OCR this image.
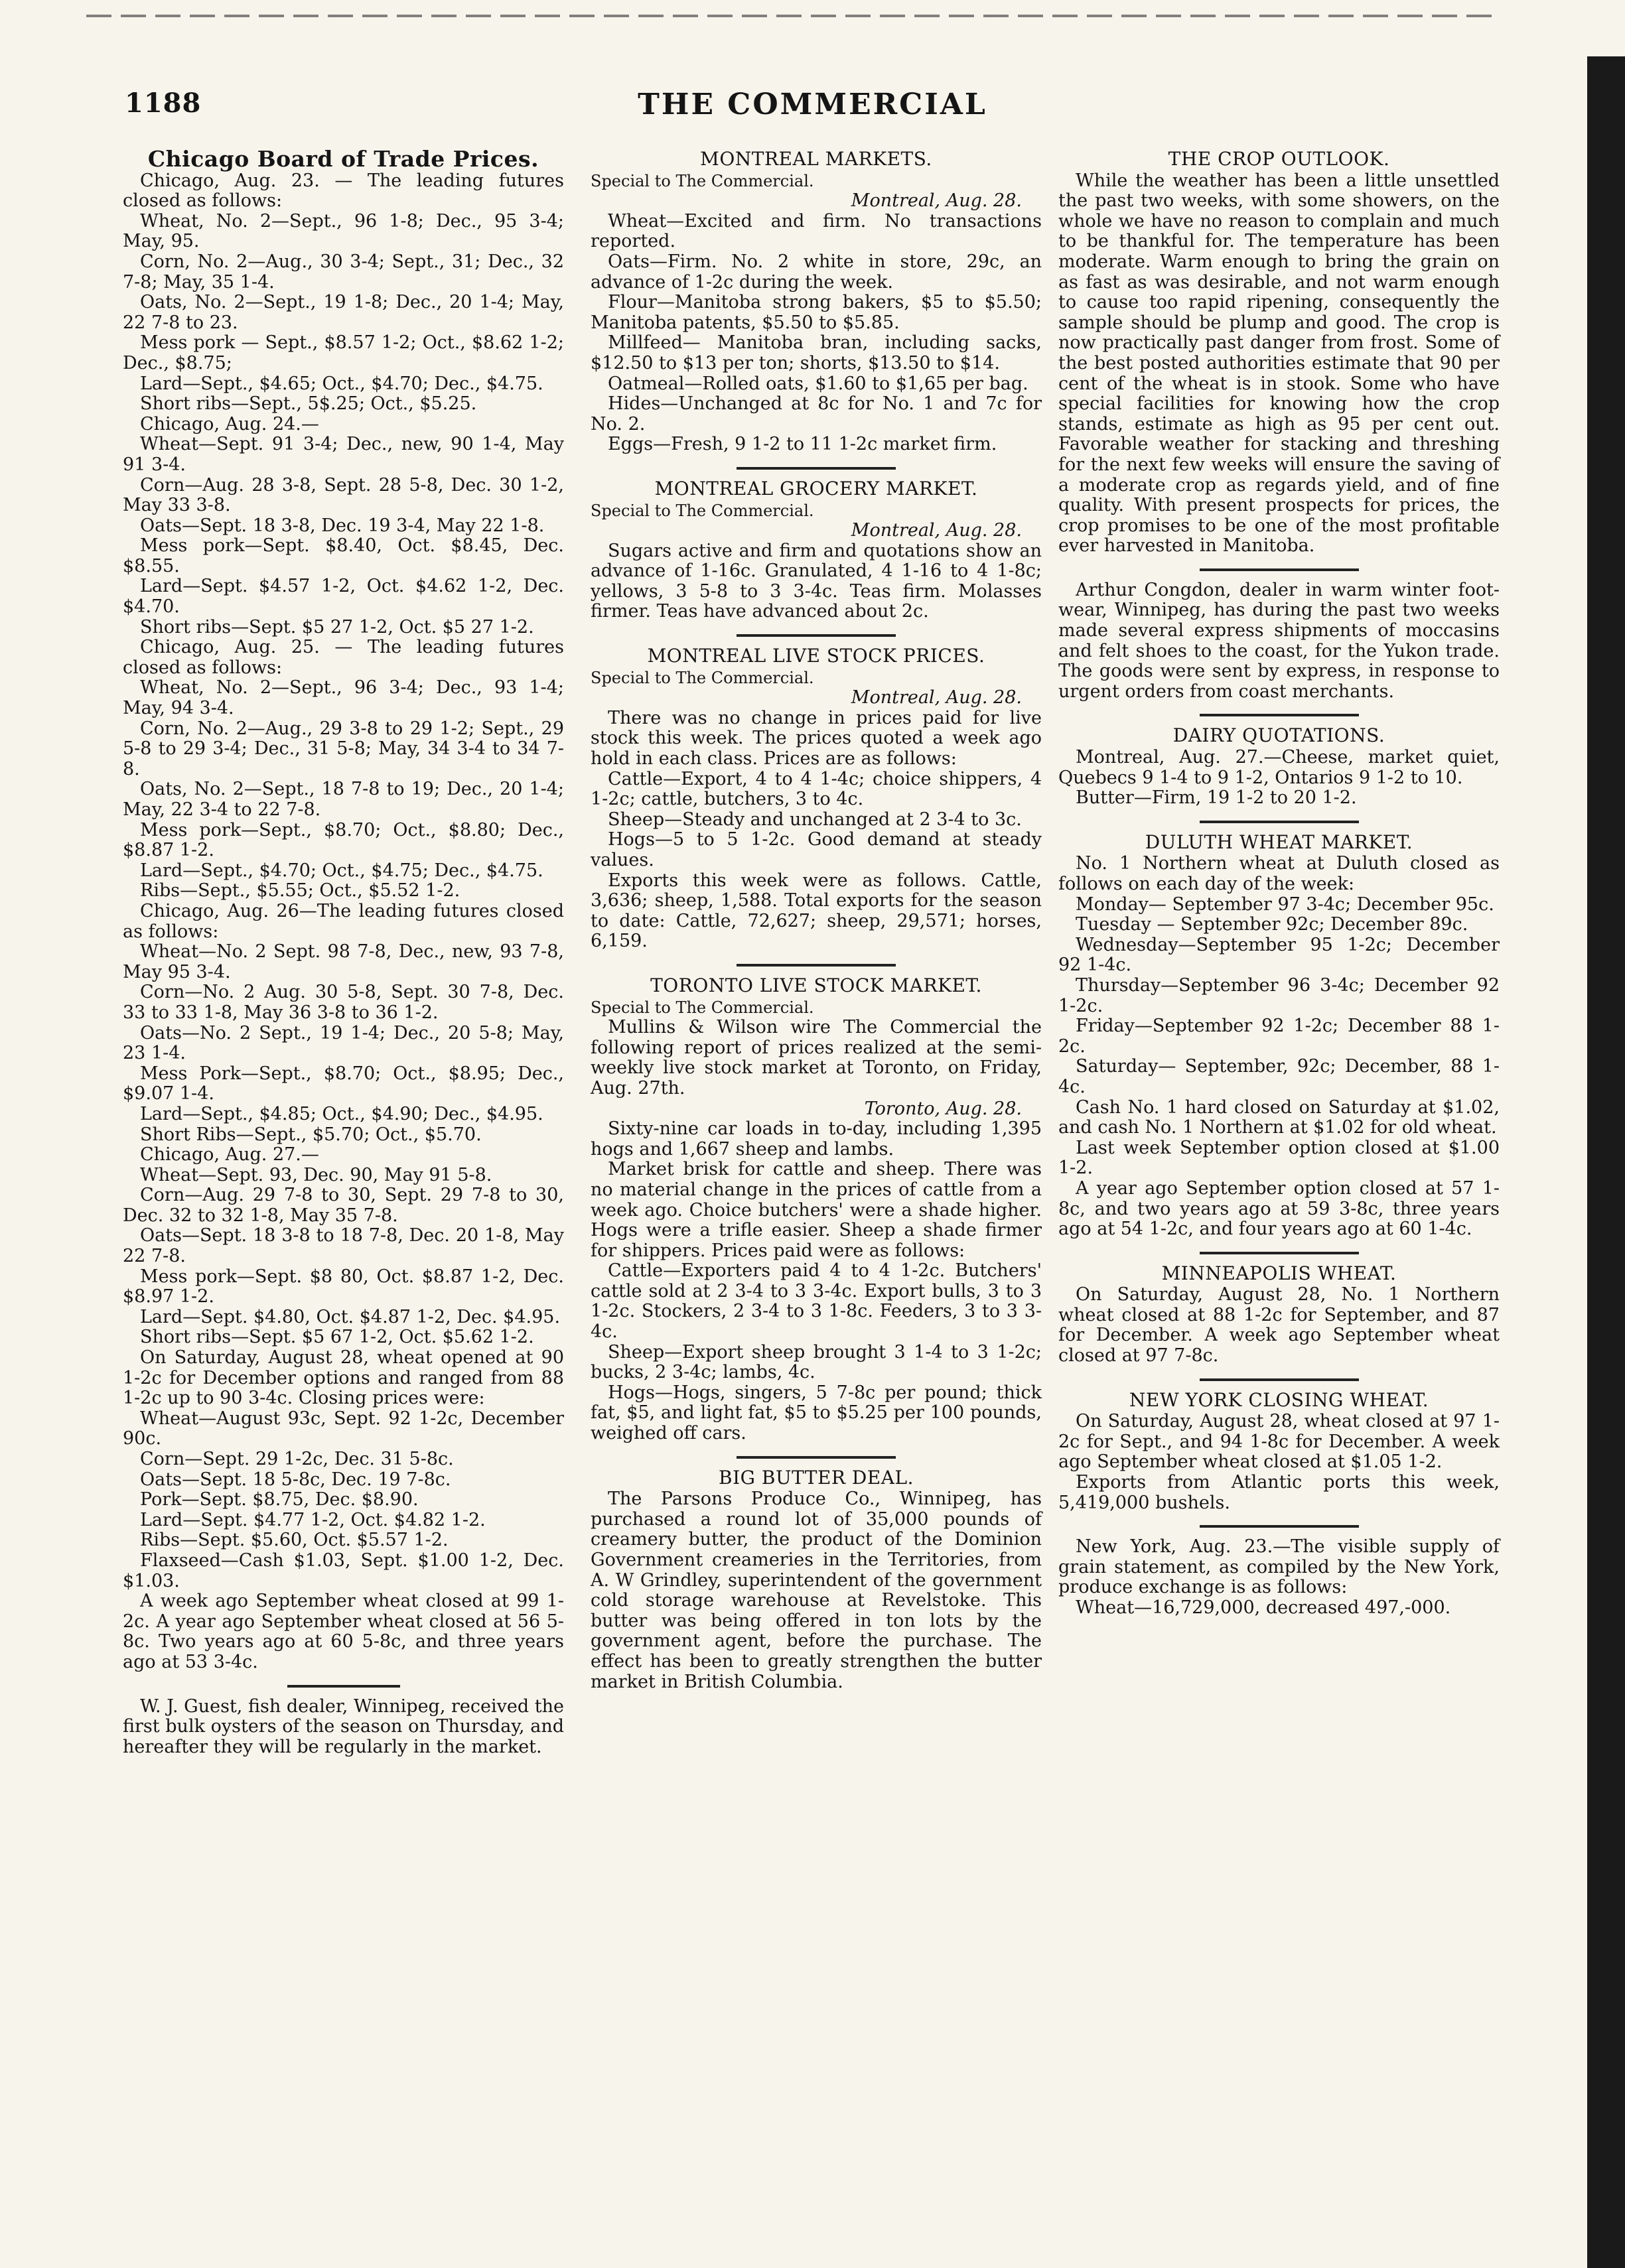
1188	THE COMMERCIAL
Chicago Board of Trade Prices.

Chicago, Aug. 23. — The leading futures closed as follows:

Wheat, No. 2—Sept., 96 1-8; Dec., 95 3-4; May, 95.

Corn, No. 2—Aug., 30 3-4; Sept., 31; Dec., 32 7-8; May, 35 1-4.

Oats, No. 2—Sept., 19 1-8; Dec., 20 1-4; May, 22 7-8 to 23.

Mess pork — Sept., $8.57 1-2; Oct., $8.62 1-2; Dec., $8.75;

Lard—Sept., $4.65; Oct., $4.70; Dec., $4.75.

Short ribs—Sept., 5$.25; Oct., $5.25.

Chicago, Aug. 24.—

Wheat—Sept. 91 3-4; Dec., new, 90 1-4, May 91 3-4.

Corn—Aug. 28 3-8, Sept. 28 5-8, Dec. 30 1-2, May 33 3-8.

Oats—Sept. 18 3-8, Dec. 19 3-4, May 22 1-8.

Mess pork—Sept. $8.40, Oct. $8.45, Dec. $8.55.

Lard—Sept. $4.57 1-2, Oct. $4.62 1-2, Dec. $4.70.

Short ribs—Sept. $5 27 1-2, Oct. $5 27 1-2.

Chicago, Aug. 25. — The leading futures closed as follows:

Wheat, No. 2—Sept., 96 3-4; Dec., 93 1-4; May, 94 3-4.

Corn, No. 2—Aug., 29 3-8 to 29 1-2; Sept., 29 5-8 to 29 3-4; Dec., 31 5-8; May, 34 3-4 to 34 7-8.

Oats, No. 2—Sept., 18 7-8 to 19; Dec., 20 1-4; May, 22 3-4 to 22 7-8.

Mess pork—Sept., $8.70; Oct., $8.80; Dec., $8.87 1-2.

Lard—Sept., $4.70; Oct., $4.75; Dec., $4.75.

Ribs—Sept., $5.55; Oct., $5.52 1-2.

Chicago, Aug. 26—The leading futures closed as follows:

Wheat—No. 2 Sept. 98 7-8, Dec., new, 93 7-8, May 95 3-4.

Corn—No. 2 Aug. 30 5-8, Sept. 30 7-8, Dec. 33 to 33 1-8, May 36 3-8 to 36 1-2.

Oats—No. 2 Sept., 19 1-4; Dec., 20 5-8; May, 23 1-4.

Mess Pork—Sept., $8.70; Oct., $8.95; Dec., $9.07 1-4.

Lard—Sept., $4.85; Oct., $4.90; Dec., $4.95.

Short Ribs—Sept., $5.70; Oct., $5.70.

Chicago, Aug. 27.—

Wheat—Sept. 93, Dec. 90, May 91 5-8.

Corn—Aug. 29 7-8 to 30, Sept. 29 7-8 to 30, Dec. 32 to 32 1-8, May 35 7-8.

Oats—Sept. 18 3-8 to 18 7-8, Dec. 20 1-8, May 22 7-8.

Mess pork—Sept. $8 80, Oct. $8.87 1-2, Dec. $8.97 1-2.

Lard—Sept. $4.80, Oct. $4.87 1-2, Dec. $4.95.

Short ribs—Sept. $5 67 1-2, Oct. $5.62 1-2.

On Saturday, August 28, wheat opened at 90 1-2c for December options and ranged from 88 1-2c up to 90 3-4c. Closing prices were:

Wheat—August 93c, Sept. 92 1-2c, December 90c.

Corn—Sept. 29 1-2c, Dec. 31 5-8c.

Oats—Sept. 18 5-8c, Dec. 19 7-8c.

Pork—Sept. $8.75, Dec. $8.90.

Lard—Sept. $4.77 1-2, Oct. $4.82 1-2.

Ribs—Sept. $5.60, Oct. $5.57 1-2.

Flaxseed—Cash $1.03, Sept. $1.00 1-2, Dec. $1.03.

A week ago September wheat closed at 99 1-2c. A year ago September wheat closed at 56 5-8c. Two years ago at 60 5-8c, and three years ago at 53 3-4c.

W. J. Guest, fish dealer, Winnipeg, received the first bulk oysters of the season on Thursday, and hereafter they will be regularly in the market.

MONTREAL MARKETS.

Special to The Commercial.

Montreal, Aug. 28.

Wheat—Excited and firm. No transactions reported.

Oats—Firm. No. 2 white in store, 29c, an advance of 1-2c during the week.

Flour—Manitoba strong bakers, $5 to $5.50; Manitoba patents, $5.50 to $5.85.

Millfeed— Manitoba bran, including sacks, $12.50 to $13 per ton; shorts, $13.50 to $14.

Oatmeal—Rolled oats, $1.60 to $1,65 per bag.

Hides—Unchanged at 8c for No. 1 and 7c for No. 2.

Eggs—Fresh, 9 1-2 to 11 1-2c market firm.

MONTREAL GROCERY MARKET.

Special to The Commercial.

Montreal, Aug. 28.

Sugars active and firm and quotations show an advance of 1-16c. Granulated, 4 1-16 to 4 1-8c; yellows, 3 5-8 to 3 3-4c. Teas firm. Molasses firmer. Teas have advanced about 2c.

MONTREAL LIVE STOCK PRICES.

Special to The Commercial.

Montreal, Aug. 28.

There was no change in prices paid for live stock this week. The prices quoted a week ago hold in each class. Prices are as follows:

Cattle—Export, 4 to 4 1-4c; choice shippers, 4 1-2c; cattle, butchers, 3 to 4c.

Sheep—Steady and unchanged at 2 3-4 to 3c.

Hogs—5 to 5 1-2c. Good demand at steady values.

Exports this week were as follows. Cattle, 3,636; sheep, 1,588. Total exports for the season to date: Cattle, 72,627; sheep, 29,571; horses, 6,159.

TORONTO LIVE STOCK MARKET.

Special to The Commercial.

Mullins & Wilson wire The Commercial the following report of prices realized at the semi-weekly live stock market at Toronto, on Friday, Aug. 27th.

Toronto, Aug. 28.

Sixty-nine car loads in to-day, including 1,395 hogs and 1,667 sheep and lambs.

Market brisk for cattle and sheep. There was no material change in the prices of cattle from a week ago. Choice butchers' were a shade higher. Hogs were a trifle easier. Sheep a shade firmer for shippers. Prices paid were as follows:

Cattle—Exporters paid 4 to 4 1-2c. Butchers' cattle sold at 2 3-4 to 3 3-4c. Export bulls, 3 to 3 1-2c. Stockers, 2 3-4 to 3 1-8c. Feeders, 3 to 3 3-4c.

Sheep—Export sheep brought 3 1-4 to 3 1-2c; bucks, 2 3-4c; lambs, 4c.

Hogs—Hogs, singers, 5 7-8c per pound; thick fat, $5, and light fat, $5 to $5.25 per 100 pounds, weighed off cars.

BIG BUTTER DEAL.

The Parsons Produce Co., Winnipeg, has purchased a round lot of 35,000 pounds of creamery butter, the product of the Dominion Government creameries in the Territories, from A. W Grindley, superintendent of the government cold storage warehouse at Revelstoke. This butter was being offered in ton lots by the government agent, before the purchase. The effect has been to greatly strengthen the butter market in British Columbia.

THE CROP OUTLOOK.

While the weather has been a little unsettled the past two weeks, with some showers, on the whole we have no reason to complain and much to be thankful for. The temperature has been moderate. Warm enough to bring the grain on as fast as was desirable, and not warm enough to cause too rapid ripening, consequently the sample should be plump and good. The crop is now practically past danger from frost. Some of the best posted authorities estimate that 90 per cent of the wheat is in stook. Some who have special facilities for knowing how the crop stands, estimate as high as 95 per cent out. Favorable weather for stacking and threshing for the next few weeks will ensure the saving of a moderate crop as regards yield, and of fine quality. With present prospects for prices, the crop promises to be one of the most profitable ever harvested in Manitoba.

Arthur Congdon, dealer in warm winter foot-wear, Winnipeg, has during the past two weeks made several express shipments of moccasins and felt shoes to the coast, for the Yukon trade. The goods were sent by express, in response to urgent orders from coast merchants.

DAIRY QUOTATIONS.

Montreal, Aug. 27.—Cheese, market quiet, Quebecs 9 1-4 to 9 1-2, Ontarios 9 1-2 to 10.

Butter—Firm, 19 1-2 to 20 1-2.

DULUTH WHEAT MARKET.

No. 1 Northern wheat at Duluth closed as follows on each day of the week:

Monday— September 97 3-4c; December 95c.

Tuesday — September 92c; December 89c.

Wednesday—September 95 1-2c; December 92 1-4c.

Thursday—September 96 3-4c; December 92 1-2c.

Friday—September 92 1-2c; December 88 1-2c.

Saturday— September, 92c; December, 88 1-4c.

Cash No. 1 hard closed on Saturday at $1.02, and cash No. 1 Northern at $1.02 for old wheat.

Last week September option closed at $1.00 1-2.

A year ago September option closed at 57 1-8c, and two years ago at 59 3-8c, three years ago at 54 1-2c, and four years ago at 60 1-4c.

MINNEAPOLIS WHEAT.

On Saturday, August 28, No. 1 Northern wheat closed at 88 1-2c for September, and 87 for December. A week ago September wheat closed at 97 7-8c.

NEW YORK CLOSING WHEAT.

On Saturday, August 28, wheat closed at 97 1-2c for Sept., and 94 1-8c for December. A week ago September wheat closed at $1.05 1-2.

Exports from Atlantic ports this week, 5,419,000 bushels.

New York, Aug. 23.—The visible supply of grain statement, as compiled by the New York, produce exchange is as follows:

Wheat—16,729,000, decreased 497,-000.
